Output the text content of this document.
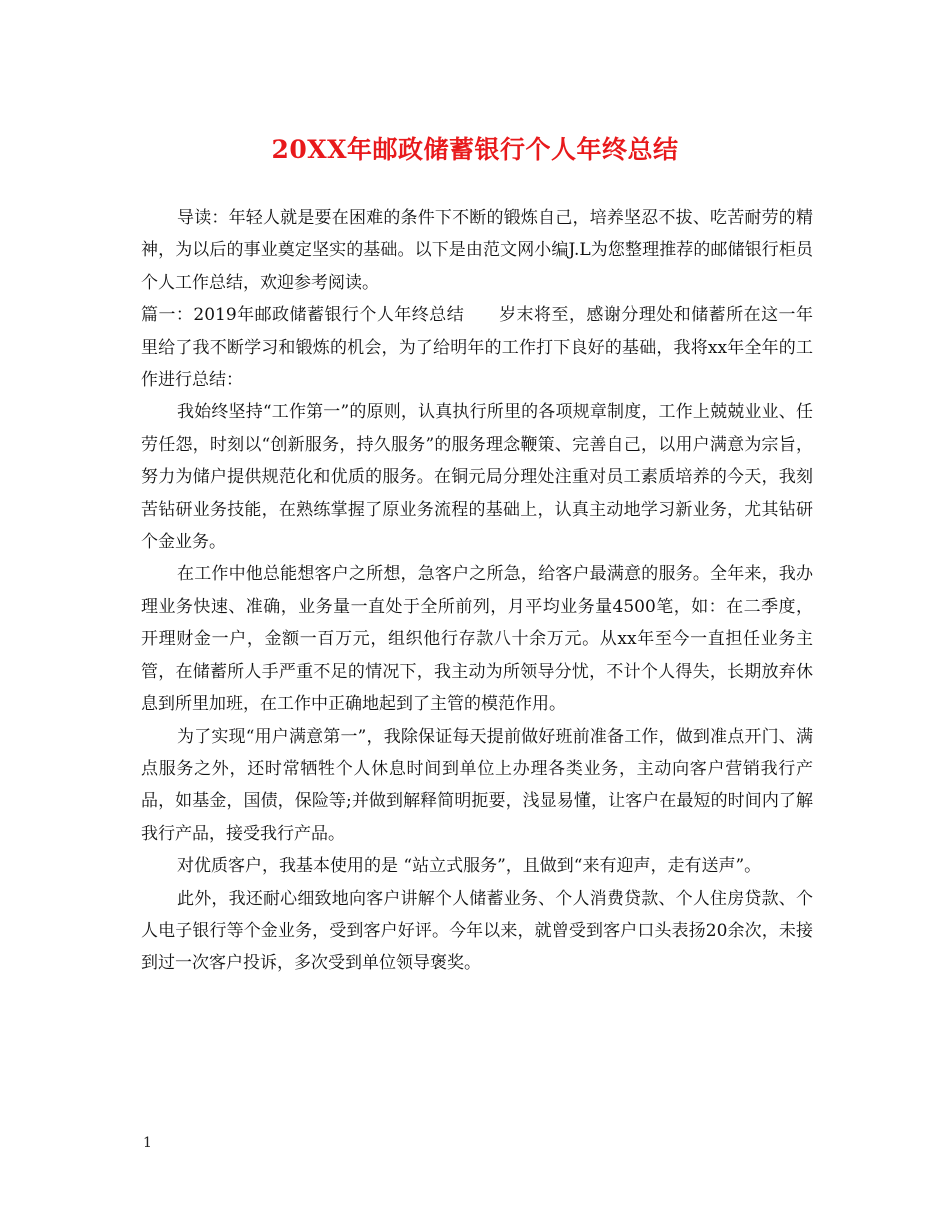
20XX年邮政储蓄银行个人年终总结

导读：年轻人就是要在困难的条件下不断的锻炼自己，培养坚忍不拔、吃苦耐劳的精神，为以后的事业奠定坚实的基础。以下是由范文网小编J.L为您整理推荐的邮储银行柜员个人工作总结，欢迎参考阅读。

篇一：2019年邮政储蓄银行个人年终总结　　岁末将至，感谢分理处和储蓄所在这一年里给了我不断学习和锻炼的机会，为了给明年的工作打下良好的基础，我将xx年全年的工作进行总结：

我始终坚持“工作第一”的原则，认真执行所里的各项规章制度，工作上兢兢业业、任劳任怨，时刻以“创新服务，持久服务”的服务理念鞭策、完善自己，以用户满意为宗旨，努力为储户提供规范化和优质的服务。在铜元局分理处注重对员工素质培养的今天，我刻苦钻研业务技能，在熟练掌握了原业务流程的基础上，认真主动地学习新业务，尤其钻研个金业务。

在工作中他总能想客户之所想，急客户之所急，给客户最满意的服务。全年来，我办理业务快速、准确，业务量一直处于全所前列，月平均业务量4500笔，如：在二季度，开理财金一户，金额一百万元，组织他行存款八十余万元。从xx年至今一直担任业务主管，在储蓄所人手严重不足的情况下，我主动为所领导分忧，不计个人得失，长期放弃休息到所里加班，在工作中正确地起到了主管的模范作用。

为了实现“用户满意第一”，我除保证每天提前做好班前准备工作，做到准点开门、满点服务之外，还时常牺牲个人休息时间到单位上办理各类业务，主动向客户营销我行产品，如基金，国债，保险等;并做到解释简明扼要，浅显易懂，让客户在最短的时间内了解我行产品，接受我行产品。

对优质客户，我基本使用的是 “站立式服务”，且做到“来有迎声，走有送声”。

此外，我还耐心细致地向客户讲解个人储蓄业务、个人消费贷款、个人住房贷款、个人电子银行等个金业务，受到客户好评。今年以来，就曾受到客户口头表扬20余次，未接到过一次客户投诉，多次受到单位领导褒奖。

1
